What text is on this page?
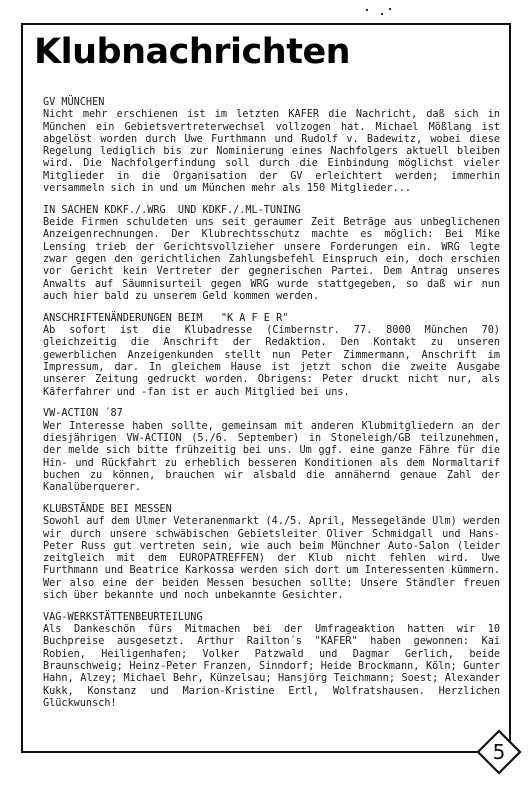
Klubnachrichten
GV MÜNCHEN
Nicht mehr erschienen ist im letzten KAFER die Nachricht, daß sich in München ein Gebietsvertreterwechsel vollzogen hat. Michael Mößlang ist abgelöst worden durch Uwe Furthmann und Rudolf v. Badewitz, wobei diese Regelung lediglich bis zur Nominierung eines Nachfolgers aktuell bleiben wird. Die Nachfolgerfindung soll durch die Einbindung möglichst vieler Mitglieder in die Organisation der GV erleichtert werden; immerhin versammeln sich in und um München mehr als 150 Mitglieder...
IN SACHEN KDKF./.WRG  UND KDKF./.ML-TUNING
Beide Firmen schuldeten uns seit geraumer Zeit Beträge aus unbeglichenen Anzeigenrechnungen. Der Klubrechtsschutz machte es möglich: Bei Mike Lensing trieb der Gerichtsvollzieher unsere Forderungen ein. WRG legte zwar gegen den gerichtlichen Zahlungsbefehl Einspruch ein, doch erschien vor Gericht kein Vertreter der gegnerischen Partei. Dem Antrag unseres Anwalts auf Säumnisurteil gegen WRG wurde stattgegeben, so daß wir nun auch hier bald zu unserem Geld kommen werden.
ANSCHRIFTENÄNDERUNGEN BEIM   "K A F E R"
Ab sofort ist die Klubadresse (Cimbernstr. 77. 8000 München 70) gleichzeitig die Anschrift der Redaktion. Den Kontakt zu unseren gewerblichen Anzeigenkunden stellt nun Peter Zimmermann, Anschrift im Impressum, dar. In gleichem Hause ist jetzt schon die zweite Ausgabe unserer Zeitung gedruckt worden. Obrigens: Peter druckt nicht nur, als Käferfahrer und -fan ist er auch Mitglied bei uns.
VW-ACTION ´87
Wer Interesse haben sollte, gemeinsam mit anderen Klubmitgliedern an der diesjährigen VW-ACTION (5./6. September) in Stoneleigh/GB teilzunehmen, der melde sich bitte frühzeitig bei uns. Um ggf. eine ganze Fähre für die Hin- und Rückfahrt zu erheblich besseren Konditionen als dem Normaltarif buchen zu können, brauchen wir alsbald die annähernd genaue Zahl der Kanalüberquerer.
KLUBSTÄNDE BEI MESSEN
Sowohl auf dem Ulmer Veteranenmarkt (4./5. April, Messegelände Ulm) werden wir durch unsere schwäbischen Gebietsleiter Oliver Schmidgall und Hans-Peter Russ gut vertreten sein, wie auch beim Münchner Auto-Salon (leider zeitgleich mit dem EUROPATREFFEN) der Klub nicht fehlen wird. Uwe Furthmann und Beatrice Karkossa werden sich dort um Interessenten kümmern. Wer also eine der beiden Messen besuchen sollte: Unsere Ständler freuen sich über bekannte und noch unbekannte Gesichter.
VAG-WERKSTÄTTENBEURTEILUNG
Als Dankeschön fürs Mitmachen bei der Umfrageaktion hatten wir 10 Buchpreise ausgesetzt. Arthur Railton´s "KAFER" haben gewonnen: Kai Robien, Heiligenhafen; Volker Patzwald und Dagmar Gerlich, beide Braunschweig; Heinz-Peter Franzen, Sinndorf; Heide Brockmann, Köln; Gunter Hahn, Alzey; Michael Behr, Künzelsau; Hansjörg Teichmann; Soest; Alexander Kukk, Konstanz und Marion-Kristine Ertl, Wolfratshausen. Herzlichen Glückwunsch!
5
